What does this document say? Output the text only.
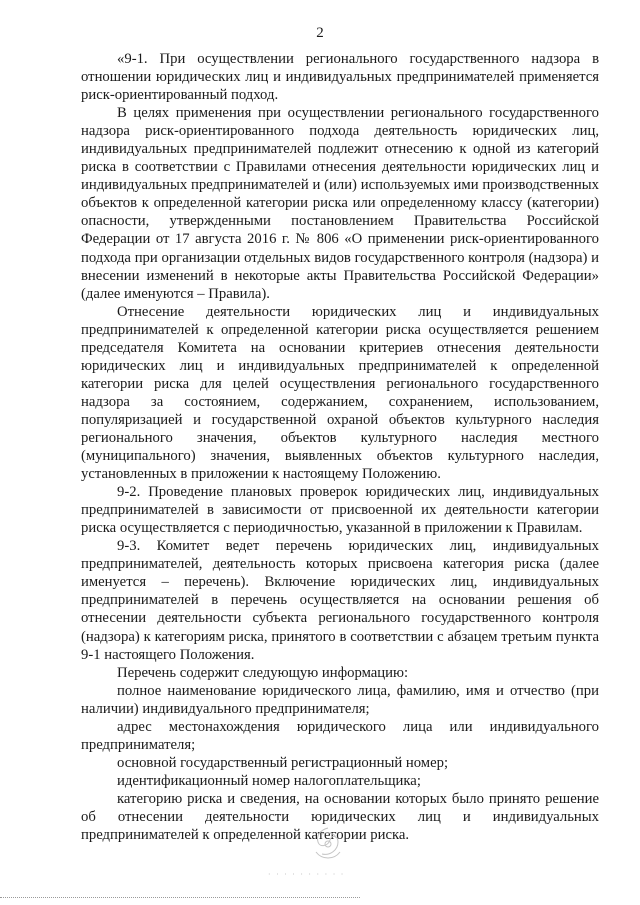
2

«9-1. При осуществлении регионального государственного надзора в отношении юридических лиц и индивидуальных предпринимателей применяется риск-ориентированный подход.

В целях применения при осуществлении регионального государственного надзора риск-ориентированного подхода деятельность юридических лиц, индивидуальных предпринимателей подлежит отнесению к одной из категорий риска в соответствии с Правилами отнесения деятельности юридических лиц и индивидуальных предпринимателей и (или) используемых ими производственных объектов к определенной категории риска или определенному классу (категории) опасности, утвержденными постановлением Правительства Российской Федерации от 17 августа 2016 г. № 806 «О применении риск-ориентированного подхода при организации отдельных видов государственного контроля (надзора) и внесении изменений в некоторые акты Правительства Российской Федерации» (далее именуются – Правила).

Отнесение деятельности юридических лиц и индивидуальных предпринимателей к определенной категории риска осуществляется решением председателя Комитета на основании критериев отнесения деятельности юридических лиц и индивидуальных предпринимателей к определенной категории риска для целей осуществления регионального государственного надзора за состоянием, содержанием, сохранением, использованием, популяризацией и государственной охраной объектов культурного наследия регионального значения, объектов культурного наследия местного (муниципального) значения, выявленных объектов культурного наследия, установленных в приложении к настоящему Положению.

9-2. Проведение плановых проверок юридических лиц, индивидуальных предпринимателей в зависимости от присвоенной их деятельности категории риска осуществляется с периодичностью, указанной в приложении к Правилам.

9-3. Комитет ведет перечень юридических лиц, индивидуальных предпринимателей, деятельность которых присвоена категория риска (далее именуется – перечень). Включение юридических лиц, индивидуальных предпринимателей в перечень осуществляется на основании решения об отнесении деятельности субъекта регионального государственного контроля (надзора) к категориям риска, принятого в соответствии с абзацем третьим пункта 9-1 настоящего Положения.

Перечень содержит следующую информацию:

полное наименование юридического лица, фамилию, имя и отчество (при наличии) индивидуального предпринимателя;

адрес местонахождения юридического лица или индивидуального предпринимателя;

основной государственный регистрационный номер;

идентификационный номер налогоплательщика;

категорию риска и сведения, на основании которых было принято решение об отнесении деятельности юридических лиц и индивидуальных предпринимателей к определенной категории риска.

· · · · · · · · · ·
